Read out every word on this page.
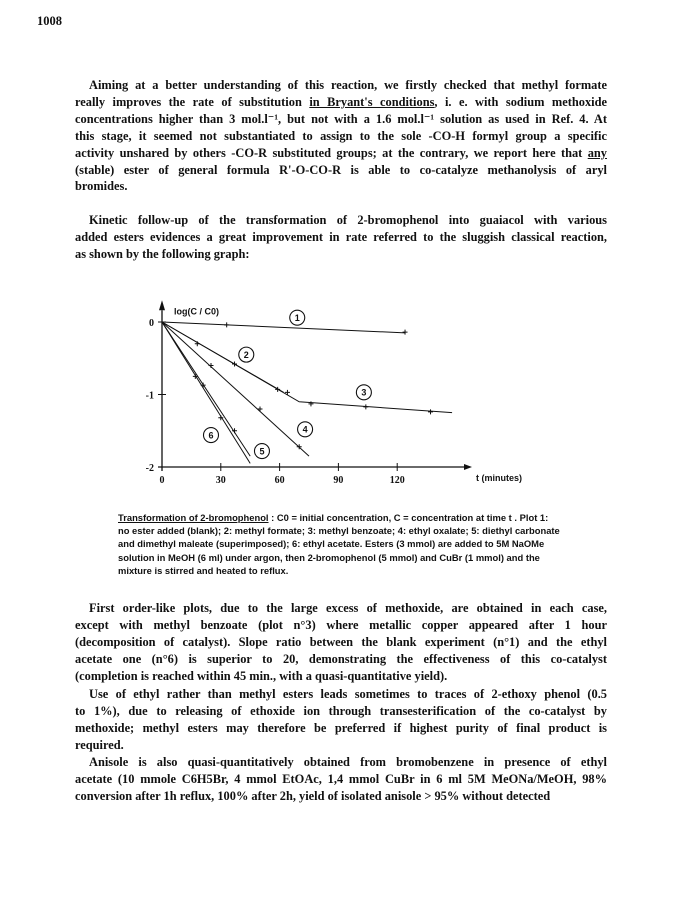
1008
Aiming at a better understanding of this reaction, we firstly checked that methyl formate
really improves the rate of substitution in Bryant's conditions, i. e. with sodium methoxide
concentrations higher than 3 mol.l⁻¹, but not with a 1.6 mol.l⁻¹ solution as used in Ref. 4. At
this stage, it seemed not substantiated to assign to the sole -CO-H formyl group a specific
activity unshared by others -CO-R substituted groups; at the contrary, we report here that any
(stable) ester of general formula R'-O-CO-R is able to co-catalyze methanolysis of aryl
bromides.
Kinetic follow-up of the transformation of 2-bromophenol into guaiacol with various
added esters evidences a great improvement in rate referred to the sluggish classical reaction,
as shown by the following graph:
log(C / C0)
t (minutes)
0	30	60	90	120
0
-1
-2
1
2
3
4
5
6

Transformation of 2-bromophenol : C0 = initial concentration, C = concentration at time t . Plot 1:
no ester added (blank); 2: methyl formate; 3: methyl benzoate; 4: ethyl oxalate; 5: diethyl carbonate
and dimethyl maleate (superimposed); 6: ethyl acetate. Esters (3 mmol) are added to 5M NaOMe
solution in MeOH (6 ml) under argon, then 2-bromophenol (5 mmol) and CuBr (1 mmol) and the
mixture is stirred and heated to reflux.

First order-like plots, due to the large excess of methoxide, are obtained in each case,
except with methyl benzoate (plot n°3) where metallic copper appeared after 1 hour
(decomposition of catalyst). Slope ratio between the blank experiment (n°1) and the ethyl
acetate one (n°6) is superior to 20, demonstrating the effectiveness of this co-catalyst
(completion is reached within 45 min., with a quasi-quantitative yield).
Use of ethyl rather than methyl esters leads sometimes to traces of 2-ethoxy phenol (0.5
to 1%), due to releasing of ethoxide ion through transesterification of the co-catalyst by
methoxide; methyl esters may therefore be preferred if highest purity of final product is
required.
Anisole is also quasi-quantitatively obtained from bromobenzene in presence of ethyl
acetate (10 mmole C6H5Br, 4 mmol EtOAc, 1,4 mmol CuBr in 6 ml 5M MeONa/MeOH, 98%
conversion after 1h reflux, 100% after 2h, yield of isolated anisole > 95% without detected
